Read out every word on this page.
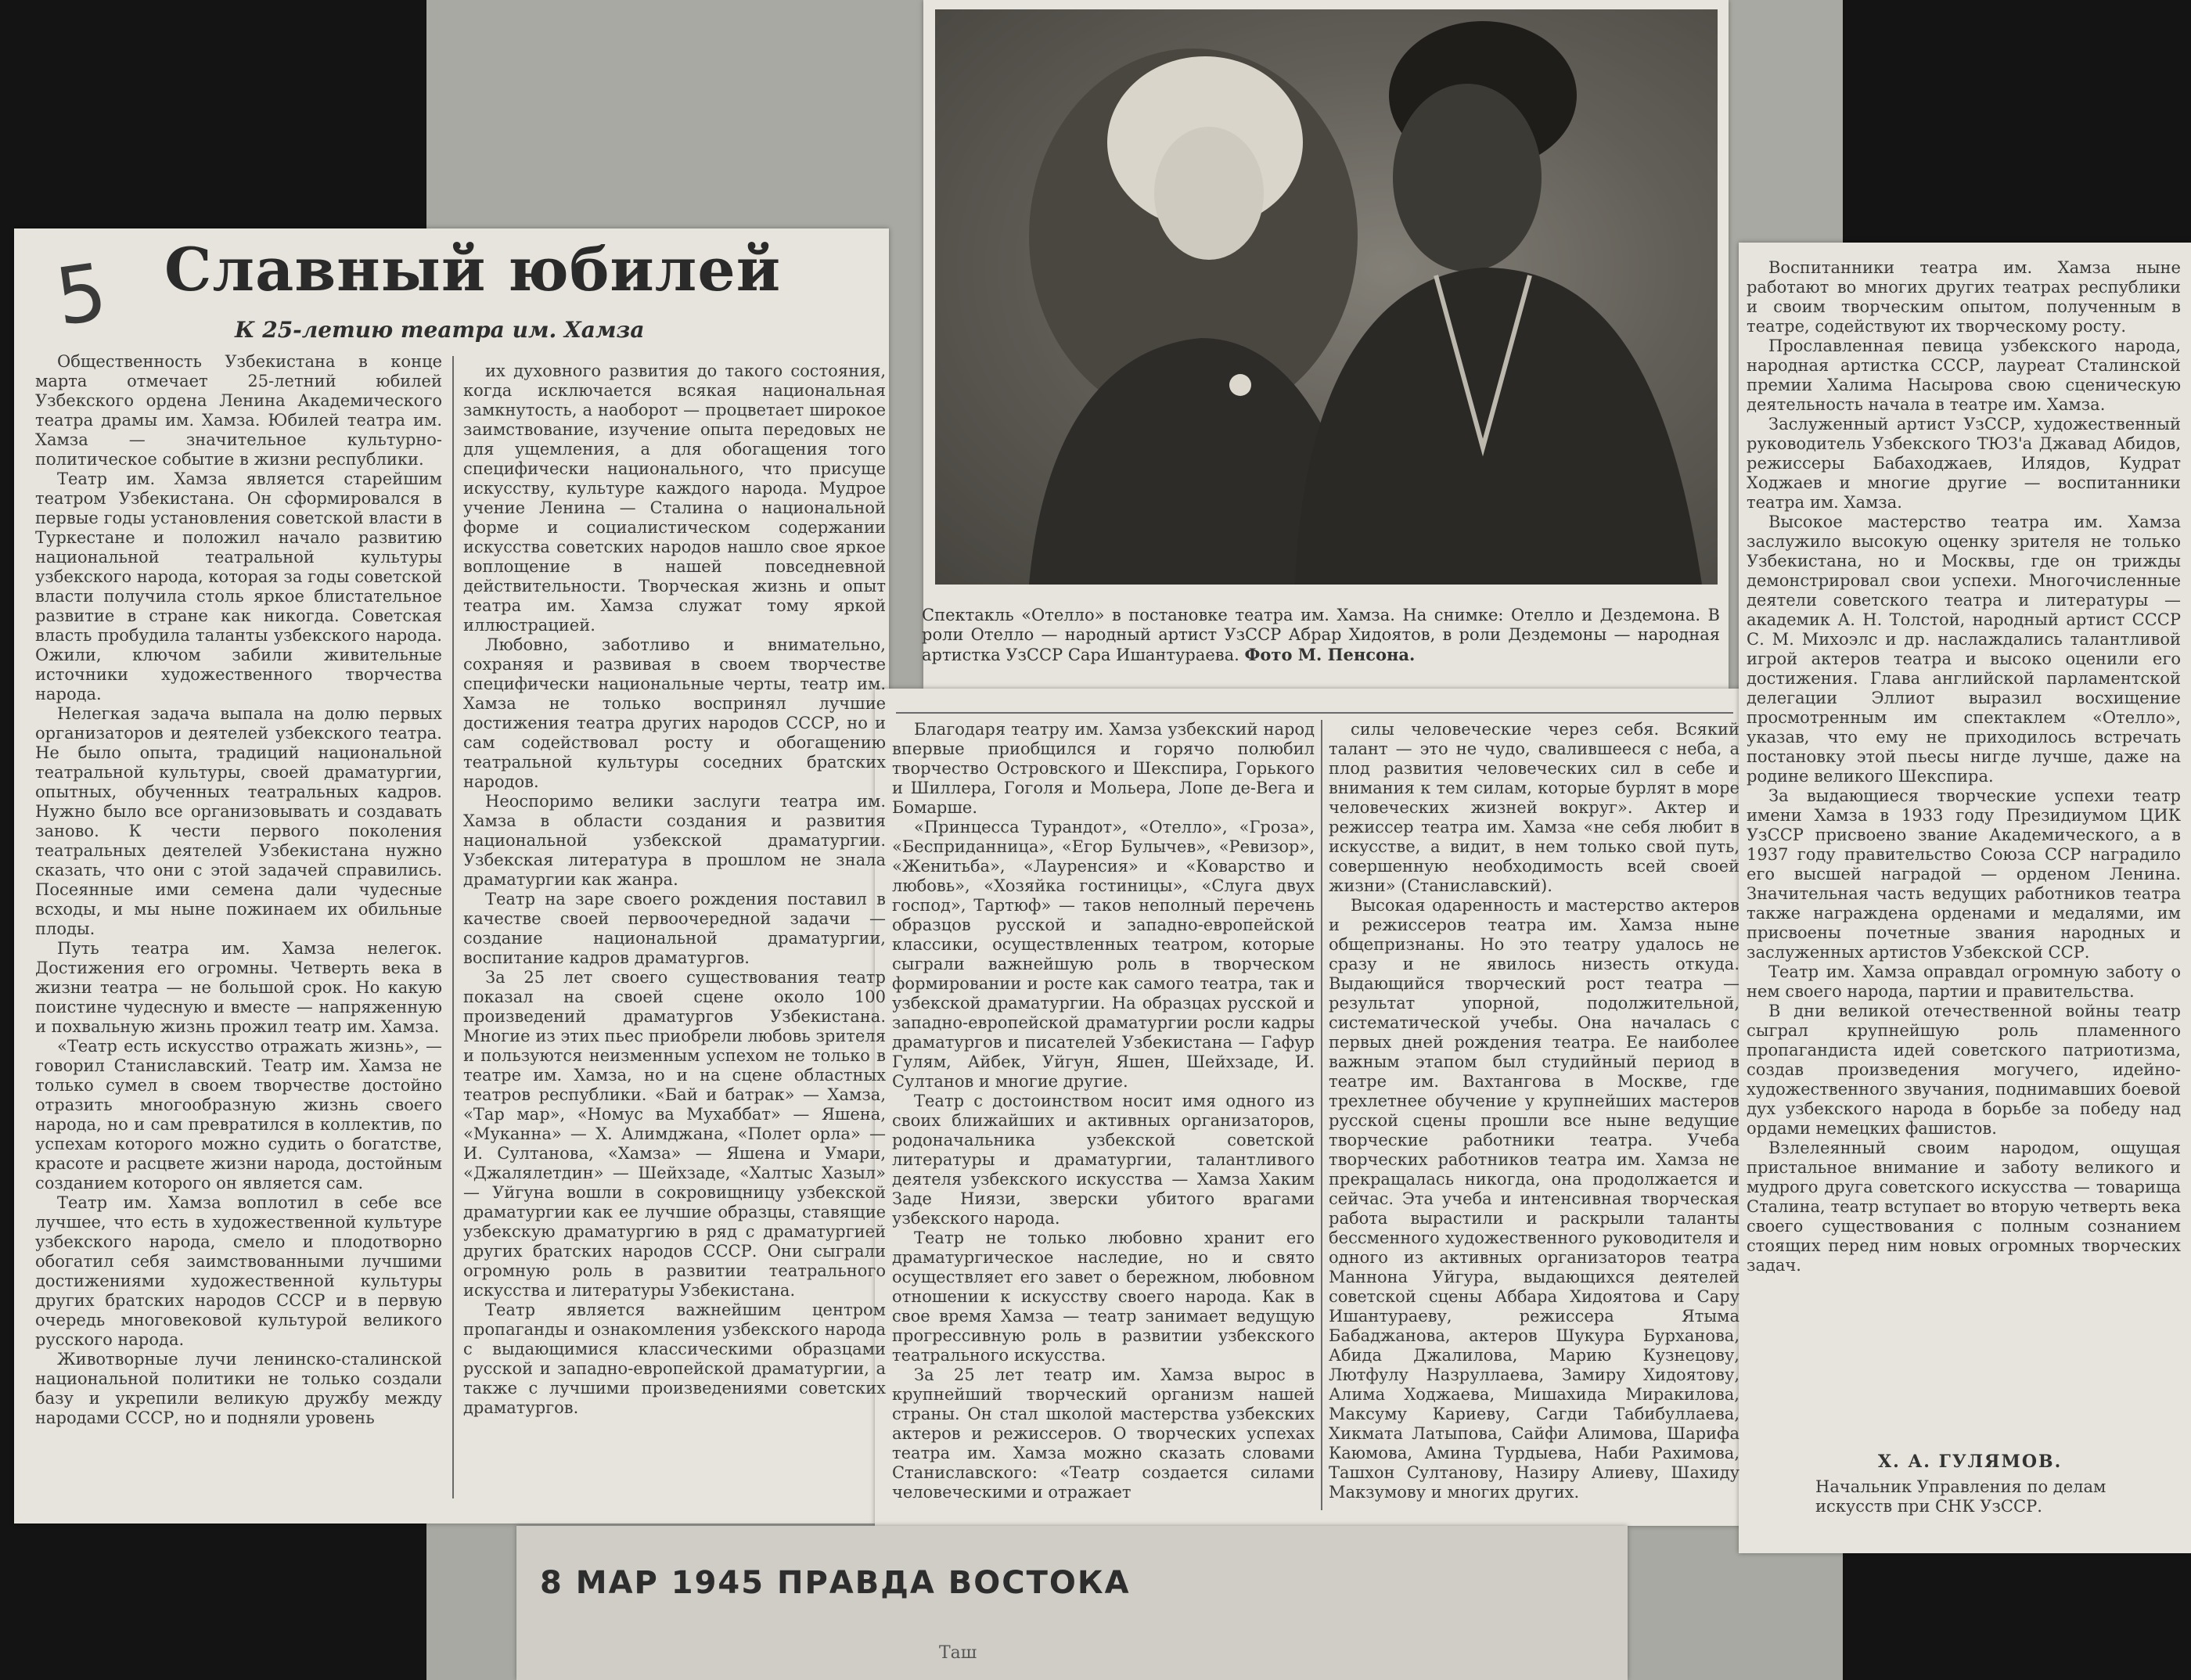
5 Славный юбилей
К 25-летию театра им. Хамза

Общественность Узбекистана в конце марта отмечает 25-летний юбилей Узбекского ордена Ленина Академического театра драмы им. Хамза. Юбилей театра им. Хамза — значительное культурно-политическое событие в жизни республики.

Театр им. Хамза является старейшим театром Узбекистана. Он сформировался в первые годы установления советской власти в Туркестане и положил начало развитию национальной театральной культуры узбекского народа, которая за годы советской власти получила столь яркое блистательное развитие в стране как никогда. Советская власть пробудила таланты узбекского народа. Ожили, ключом забили живительные источники художественного творчества народа.

Нелегкая задача выпала на долю первых организаторов и деятелей узбекского театра. Не было опыта, традиций национальной театральной культуры, своей драматургии, опытных, обученных театральных кадров. Нужно было все организовывать и создавать заново. К чести первого поколения театральных деятелей Узбекистана нужно сказать, что они с этой задачей справились. Посеянные ими семена дали чудесные всходы, и мы ныне пожинаем их обильные плоды.

Путь театра им. Хамза нелегок. Достижения его огромны. Четверть века в жизни театра — не большой срок. Но какую поистине чудесную и вместе — напряженную и похвальную жизнь прожил театр им. Хамза.

«Театр есть искусство отражать жизнь», — говорил Станиславский. Театр им. Хамза не только сумел в своем творчестве достойно отразить многообразную жизнь своего народа, но и сам превратился в коллектив, по успехам которого можно судить о богатстве, красоте и расцвете жизни народа, достойным созданием которого он является сам.

Театр им. Хамза воплотил в себе все лучшее, что есть в художественной культуре узбекского народа, смело и плодотворно обогатил себя заимствованными лучшими достижениями художественной культуры других братских народов СССР и в первую очередь многовековой культурой великого русского народа.

Животворные лучи ленинско-сталинской национальной политики не только создали базу и укрепили великую дружбу между народами СССР, но и подняли уровень

их духовного развития до такого состояния, когда исключается всякая национальная замкнутость, а наоборот — процветает широкое заимствование, изучение опыта передовых не для ущемления, а для обогащения того специфически национального, что присуще искусству, культуре каждого народа. Мудрое учение Ленина — Сталина о национальной форме и социалистическом содержании искусства советских народов нашло свое яркое воплощение в нашей повседневной действительности. Творческая жизнь и опыт театра им. Хамза служат тому яркой иллюстрацией.

Любовно, заботливо и внимательно, сохраняя и развивая в своем творчестве специфически национальные черты, театр им. Хамза не только воспринял лучшие достижения театра других народов СССР, но и сам содействовал росту и обогащению театральной культуры соседних братских народов.

Неоспоримо велики заслуги театра им. Хамза в области создания и развития национальной узбекской драматургии. Узбекская литература в прошлом не знала драматургии как жанра.

Театр на заре своего рождения поставил в качестве своей первоочередной задачи — создание национальной драматургии, воспитание кадров драматургов.

За 25 лет своего существования театр показал на своей сцене около 100 произведений драматургов Узбекистана. Многие из этих пьес приобрели любовь зрителя и пользуются неизменным успехом не только в театре им. Хамза, но и на сцене областных театров республики. «Бай и батрак» — Хамза, «Тар мар», «Номус ва Мухаббат» — Яшена, «Муканна» — Х. Алимджана, «Полет орла» — И. Султанова, «Хамза» — Яшена и Умари, «Джалялетдин» — Шейхзаде, «Халтыс Хазыл» — Уйгуна вошли в сокровищницу узбекской драматургии как ее лучшие образцы, ставящие узбекскую драматургию в ряд с драматургией других братских народов СССР. Они сыграли огромную роль в развитии театрального искусства и литературы Узбекистана.

Театр является важнейшим центром пропаганды и ознакомления узбекского народа с выдающимися классическими образцами русской и западно-европейской драматургии, а также с лучшими произведениями советских драматургов.

Спектакль «Отелло» в постановке театра им. Хамза. На снимке: Отелло и Дездемона. В роли Отелло — народный артист УзССР Абрар Хидоятов, в роли Дездемоны — народная артистка УзССР Сара Ишантураева. Фото М. Пенсона.

Благодаря театру им. Хамза узбекский народ впервые приобщился и горячо полюбил творчество Островского и Шекспира, Горького и Шиллера, Гоголя и Мольера, Лопе де-Вега и Бомарше.

«Принцесса Турандот», «Отелло», «Гроза», «Бесприданница», «Егор Булычев», «Ревизор», «Женитьба», «Лауренсия» и «Коварство и любовь», «Хозяйка гостиницы», «Слуга двух господ», Тартюф» — таков неполный перечень образцов русской и западно-европейской классики, осуществленных театром, которые сыграли важнейшую роль в творческом формировании и росте как самого театра, так и узбекской драматургии. На образцах русской и западно-европейской драматургии росли кадры драматургов и писателей Узбекистана — Гафур Гулям, Айбек, Уйгун, Яшен, Шейхзаде, И. Султанов и многие другие.

Театр с достоинством носит имя одного из своих ближайших и активных организаторов, родоначальника узбекской советской литературы и драматургии, талантливого деятеля узбекского искусства — Хамза Хаким Заде Ниязи, зверски убитого врагами узбекского народа.

Театр не только любовно хранит его драматургическое наследие, но и свято осуществляет его завет о бережном, любовном отношении к искусству своего народа. Как в свое время Хамза — театр занимает ведущую прогрессивную роль в развитии узбекского театрального искусства.

За 25 лет театр им. Хамза вырос в крупнейший творческий организм нашей страны. Он стал школой мастерства узбекских актеров и режиссеров. О творческих успехах театра им. Хамза можно сказать словами Станиславского: «Театр создается силами человеческими и отражает

силы человеческие через себя. Всякий талант — это не чудо, свалившееся с неба, а плод развития человеческих сил в себе и внимания к тем силам, которые бурлят в море человеческих жизней вокруг». Актер и режиссер театра им. Хамза «не себя любит в искусстве, а видит, в нем только свой путь, совершенную необходимость всей своей жизни» (Станиславский).

Высокая одаренность и мастерство актеров и режиссеров театра им. Хамза ныне общепризнаны. Но это театру удалось не сразу и не явилось низесть откуда. Выдающийся творческий рост театра — результат упорной, подолжительной, систематической учебы. Она началась с первых дней рождения театра. Ее наиболее важным этапом был студийный период в театре им. Вахтангова в Москве, где трехлетнее обучение у крупнейших мастеров русской сцены прошли все ныне ведущие творческие работники театра. Учеба творческих работников театра им. Хамза не прекращалась никогда, она продолжается и сейчас. Эта учеба и интенсивная творческая работа вырастили и раскрыли таланты бессменного художественного руководителя и одного из активных организаторов театра Маннона Уйгура, выдающихся деятелей советской сцены Аббара Хидоятова и Сару Ишантураеву, режиссера Ятыма Бабаджанова, актеров Шукура Бурханова, Абида Джалилова, Марию Кузнецову, Лютфулу Назруллаева, Замиру Хидоятову, Алима Ходжаева, Мишахида Миракилова, Максуму Кариеву, Сагди Табибуллаева, Хикмата Латыпова, Сайфи Алимова, Шарифа Каюмова, Амина Турдыева, Наби Рахимова, Ташхон Султанову, Назиру Алиеву, Шахиду Макзумову и многих других.

Воспитанники театра им. Хамза ныне работают во многих других театрах республики и своим творческим опытом, полученным в театре, содействуют их творческому росту.

Прославленная певица узбекского народа, народная артистка СССР, лауреат Сталинской премии Халима Насырова свою сценическую деятельность начала в театре им. Хамза.

Заслуженный артист УзССР, художественный руководитель Узбекского ТЮЗ'а Джавад Абидов, режиссеры Бабаходжаев, Илядов, Кудрат Ходжаев и многие другие — воспитанники театра им. Хамза.

Высокое мастерство театра им. Хамза заслужило высокую оценку зрителя не только Узбекистана, но и Москвы, где он трижды демонстрировал свои успехи. Многочисленные деятели советского театра и литературы — академик А. Н. Толстой, народный артист СССР С. М. Михоэлс и др. наслаждались талантливой игрой актеров театра и высоко оценили его достижения. Глава английской парламентской делегации Эллиот выразил восхищение просмотренным им спектаклем «Отелло», указав, что ему не приходилось встречать постановку этой пьесы нигде лучше, даже на родине великого Шекспира.

За выдающиеся творческие успехи театр имени Хамза в 1933 году Президиумом ЦИК УзССР присвоено звание Академического, а в 1937 году правительство Союза ССР наградило его высшей наградой — орденом Ленина. Значительная часть ведущих работников театра также награждена орденами и медалями, им присвоены почетные звания народных и заслуженных артистов Узбекской ССР.

Театр им. Хамза оправдал огромную заботу о нем своего народа, партии и правительства.

В дни великой отечественной войны театр сыграл крупнейшую роль пламенного пропагандиста идей советского патриотизма, создав произведения могучего, идейно-художественного звучания, поднимавших боевой дух узбекского народа в борьбе за победу над ордами немецких фашистов.

Взлелеянный своим народом, ощущая пристальное внимание и заботу великого и мудрого друга советского искусства — товарища Сталина, театр вступает во вторую четверть века своего существования с полным сознанием стоящих перед ним новых огромных творческих задач.

Х. А. ГУЛЯМОВ.

Начальник Управления по делам искусств при СНК УзССР.

8 МАР 1945 ПРАВДА ВОСТОКА
Таш
